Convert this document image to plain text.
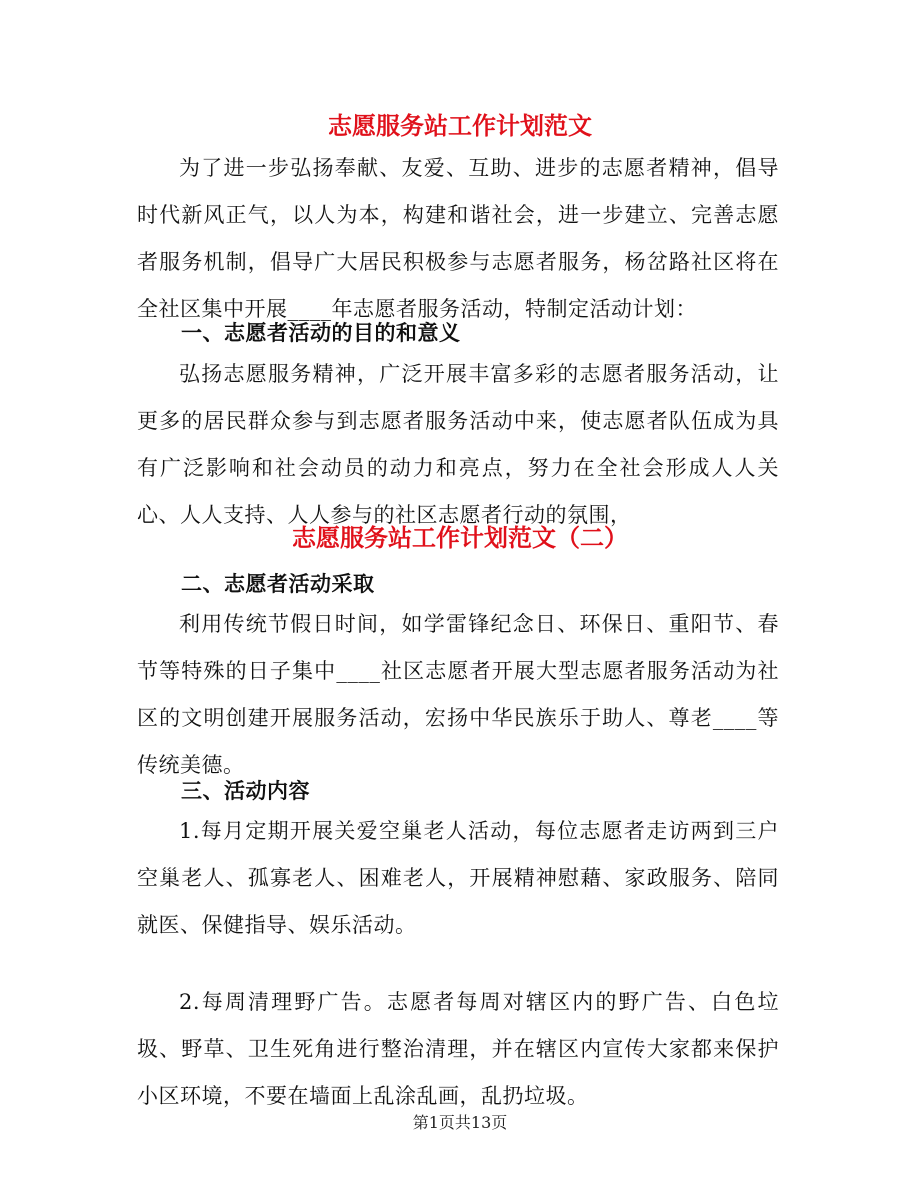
志愿服务站工作计划范文
为了进一步弘扬奉献、友爱、互助、进步的志愿者精神，倡导时代新风正气，以人为本，构建和谐社会，进一步建立、完善志愿者服务机制，倡导广大居民积极参与志愿者服务，杨岔路社区将在全社区集中开展____年志愿者服务活动，特制定活动计划：
一、志愿者活动的目的和意义
弘扬志愿服务精神，广泛开展丰富多彩的志愿者服务活动，让更多的居民群众参与到志愿者服务活动中来，使志愿者队伍成为具有广泛影响和社会动员的动力和亮点，努力在全社会形成人人关心、人人支持、人人参与的社区志愿者行动的氛围，
志愿服务站工作计划范文（二）
二、志愿者活动采取
利用传统节假日时间，如学雷锋纪念日、环保日、重阳节、春节等特殊的日子集中____社区志愿者开展大型志愿者服务活动为社区的文明创建开展服务活动，宏扬中华民族乐于助人、尊老____等传统美德。
三、活动内容
1.每月定期开展关爱空巢老人活动，每位志愿者走访两到三户空巢老人、孤寡老人、困难老人，开展精神慰藉、家政服务、陪同就医、保健指导、娱乐活动。
2.每周清理野广告。志愿者每周对辖区内的野广告、白色垃圾、野草、卫生死角进行整治清理，并在辖区内宣传大家都来保护小区环境，不要在墙面上乱涂乱画，乱扔垃圾。
第1页共13页
